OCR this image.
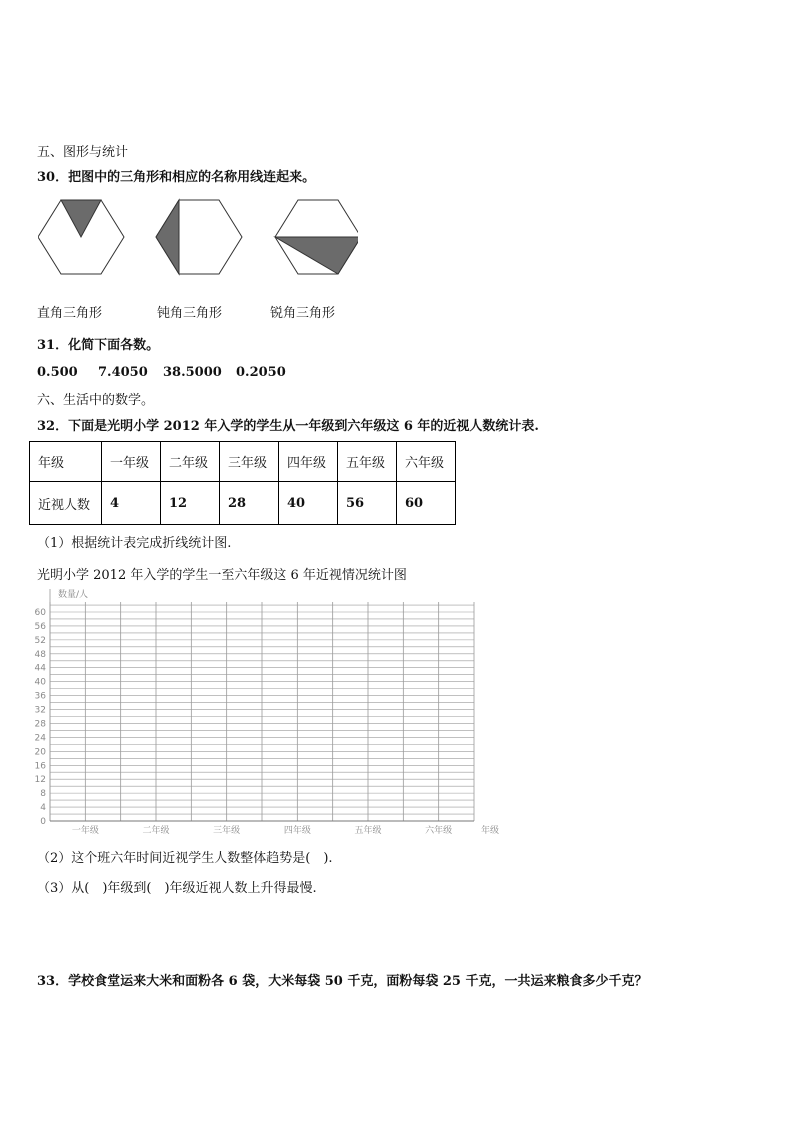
五、图形与统计
30．把图中的三角形和相应的名称用线连起来。
直角三角形	钝角三角形	锐角三角形
31．化简下面各数。
0.500 7.4050 38.5000 0.2050
六、生活中的数学。
32．下面是光明小学 2012 年入学的学生从一年级到六年级这 6 年的近视人数统计表.
年级	一年级	二年级	三年级	四年级	五年级	六年级
近视人数	4	12	28	40	56	60
（1）根据统计表完成折线统计图.
光明小学 2012 年入学的学生一至六年级这 6 年近视情况统计图
数量/人
0
4
8
12
16
20
24
28
32
36
40
44
48
52
56
60
一年级	二年级	三年级	四年级	五年级	六年级	年级
（2）这个班六年时间近视学生人数整体趋势是(　).
（3）从(　)年级到(　)年级近视人数上升得最慢.
33．学校食堂运来大米和面粉各 6 袋，大米每袋 50 千克，面粉每袋 25 千克，一共运来粮食多少千克？
